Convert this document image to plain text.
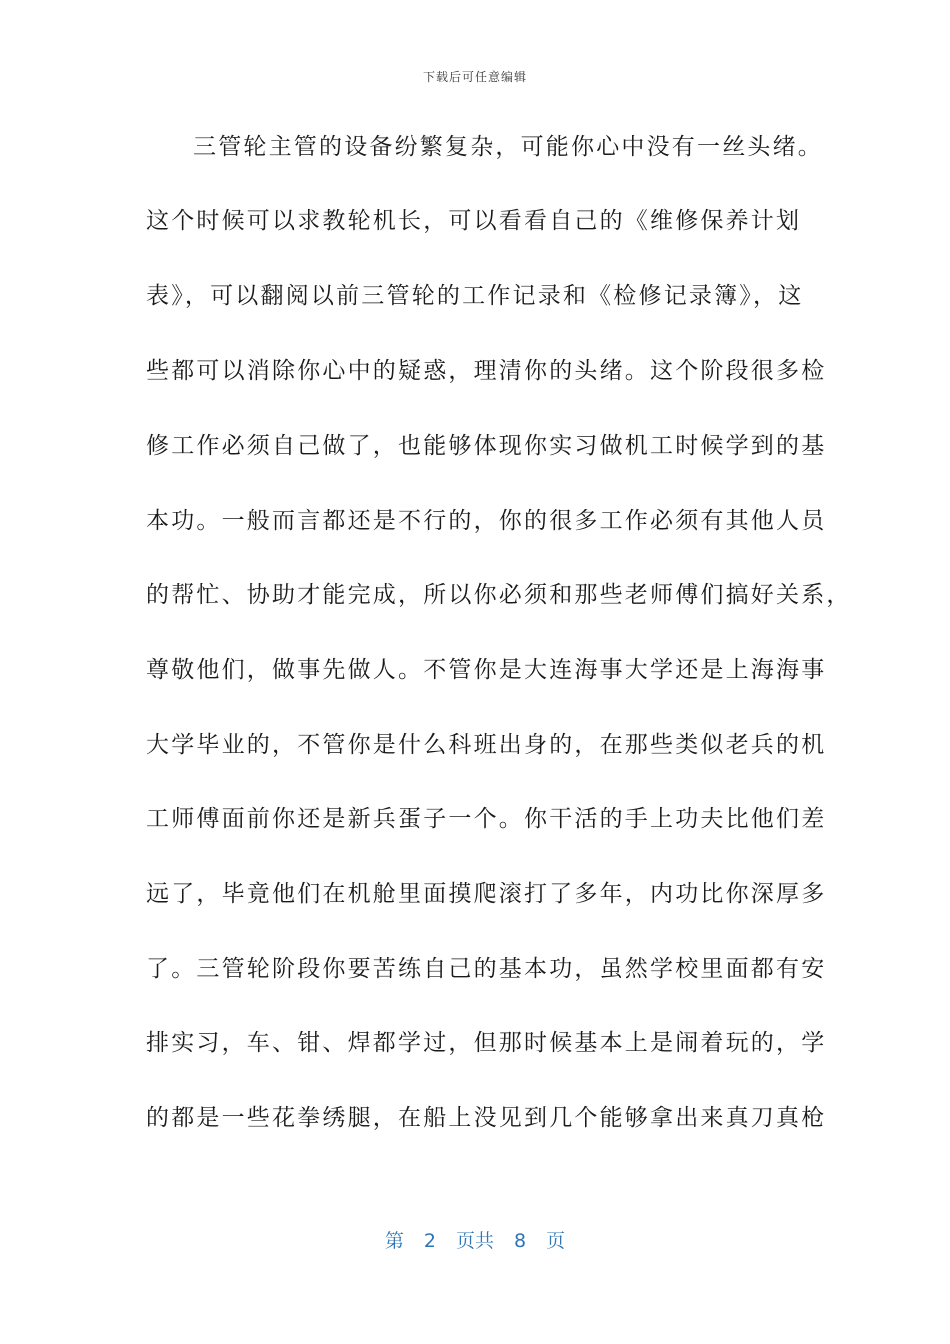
下载后可任意编辑
三管轮主管的设备纷繁复杂，可能你心中没有一丝头绪。
这个时候可以求教轮机长，可以看看自己的《维修保养计划
表》，可以翻阅以前三管轮的工作记录和《检修记录簿》，这
些都可以消除你心中的疑惑，理清你的头绪。这个阶段很多检
修工作必须自己做了，也能够体现你实习做机工时候学到的基
本功。一般而言都还是不行的，你的很多工作必须有其他人员
的帮忙、协助才能完成，所以你必须和那些老师傅们搞好关系，
尊敬他们，做事先做人。不管你是大连海事大学还是上海海事
大学毕业的，不管你是什么科班出身的，在那些类似老兵的机
工师傅面前你还是新兵蛋子一个。你干活的手上功夫比他们差
远了，毕竟他们在机舱里面摸爬滚打了多年，内功比你深厚多
了。三管轮阶段你要苦练自己的基本功，虽然学校里面都有安
排实习，车、钳、焊都学过，但那时候基本上是闹着玩的，学
的都是一些花拳绣腿，在船上没见到几个能够拿出来真刀真枪
第 2 页共 8 页
